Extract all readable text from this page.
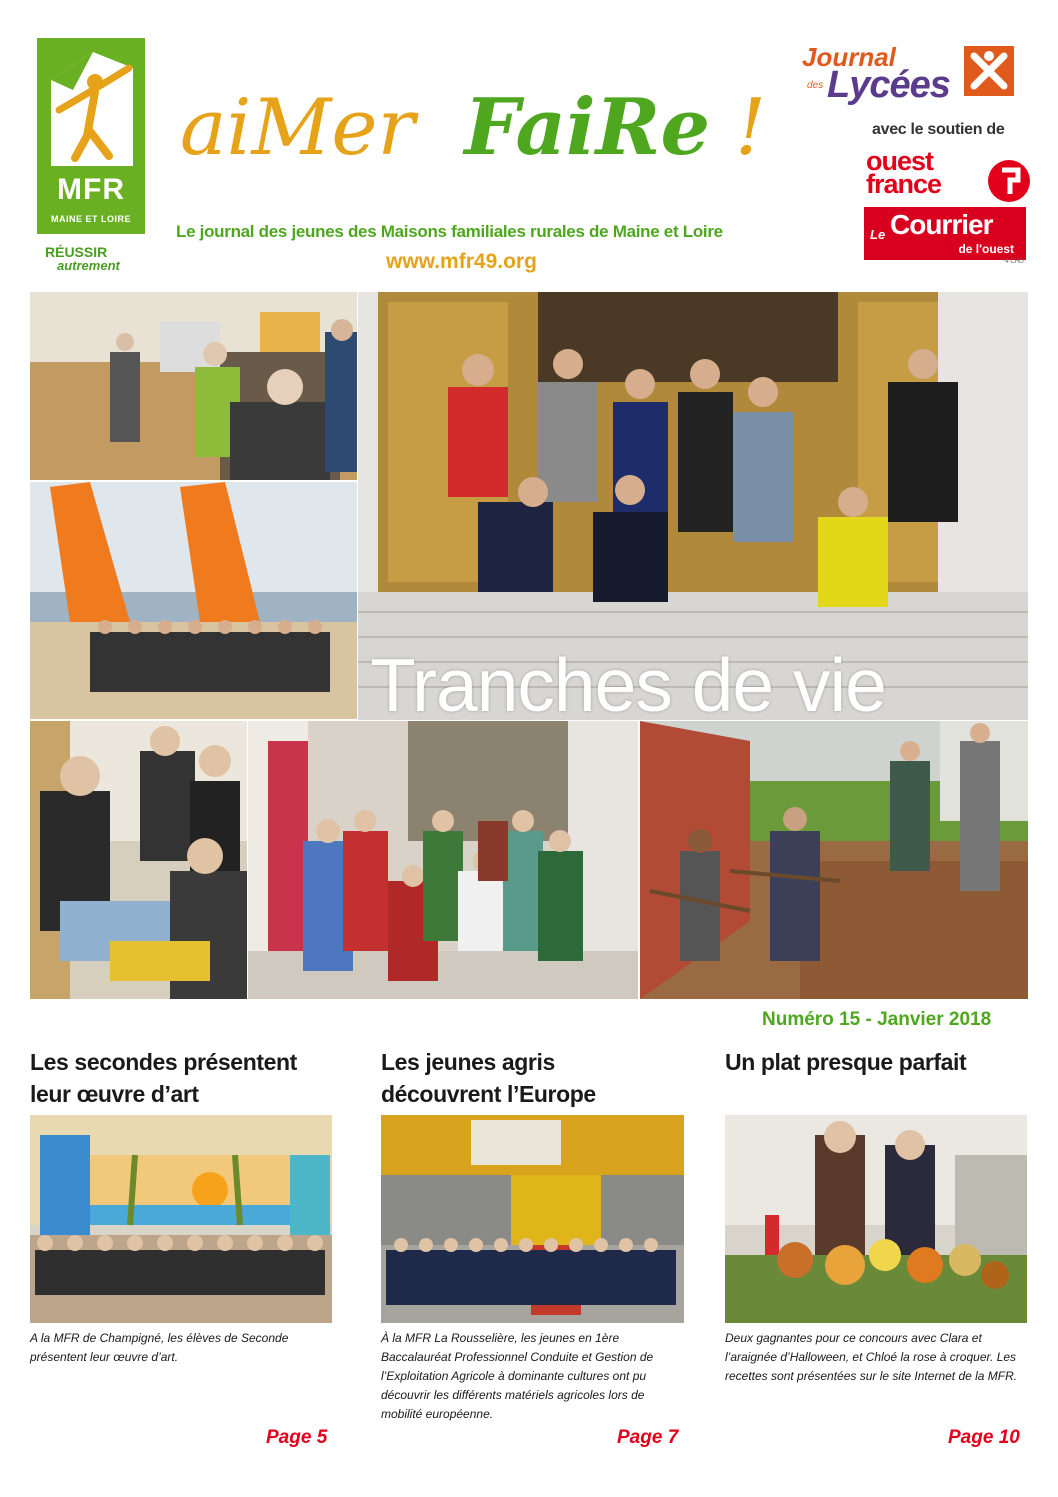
MFR
MAINE ET LOIRE
RÉUSSIR
autrement
aiMer FaiRe !
Le journal des jeunes des Maisons familiales rurales de Maine et Loire
www.mfr49.org
Journal
des Lycées
avec le soutien de
ouest
france
Le Courrier
de l'ouest
*4 CHO
Tranches de vie
Numéro 15 - Janvier 2018
Les secondes présentent
leur œuvre d’art
A la MFR de Champigné, les élèves de Seconde présentent leur œuvre d’art.
Page 5
Les jeunes agris
découvrent l’Europe
À la MFR La Rousselière, les jeunes en 1ère Baccalauréat Professionnel Conduite et Gestion de l’Exploitation Agricole à dominante cultures ont pu découvrir les différents matériels agricoles lors de mobilité européenne.
Page 7
Un plat presque parfait
Deux gagnantes pour ce concours avec Clara et l’araignée d’Halloween, et Chloé la rose à croquer. Les recettes sont présentées sur le site Internet de la MFR.
Page 10
